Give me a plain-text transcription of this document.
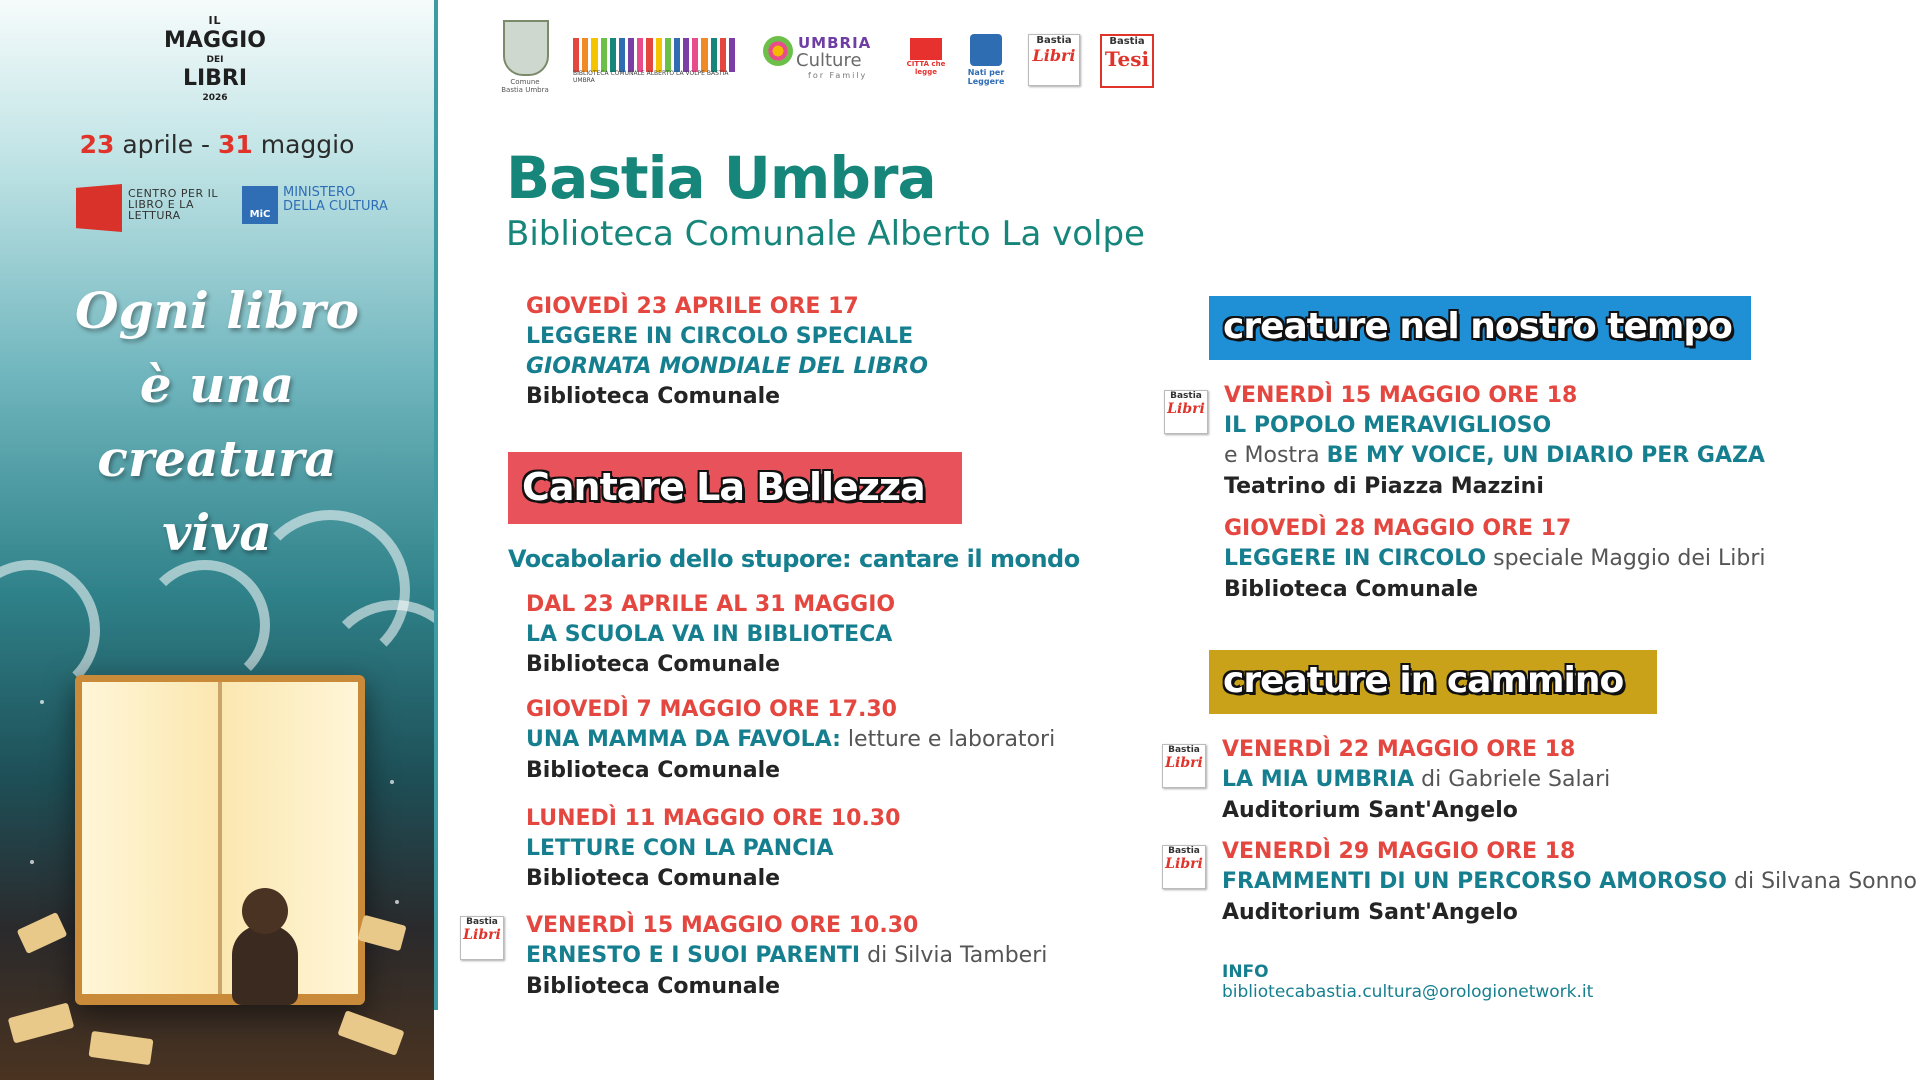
IL
MAGGIO
DEI
LIBRI
2026
23 aprile - 31 maggio
CENTRO PER IL LIBRO E LA LETTURA	MiC
MINISTERO DELLA CULTURA
Ogni libro
è una
creatura
viva
Comune Bastia Umbra
BIBLIOTECA COMUNALE ALBERTO LA VOLPE BASTIA UMBRA
UMBRIA
Culture
for Family
CITTÀ che legge	Nati per Leggere
Bastia
Libri
Bastia
Tesi
Bastia Umbra
Biblioteca Comunale Alberto La volpe
GIOVEDÌ 23 APRILE ORE 17
LEGGERE IN CIRCOLO SPECIALE
GIORNATA MONDIALE DEL LIBRO
Biblioteca Comunale
Cantare La Bellezza
Vocabolario dello stupore: cantare il mondo
DAL 23 APRILE AL 31 MAGGIO
LA SCUOLA VA IN BIBLIOTECA
Biblioteca Comunale
GIOVEDÌ 7 MAGGIO ORE 17.30
UNA MAMMA DA FAVOLA: letture e laboratori
Biblioteca Comunale
LUNEDÌ 11 MAGGIO ORE 10.30
LETTURE CON LA PANCIA
Biblioteca Comunale
Bastia
Libri VENERDÌ 15 MAGGIO ORE 10.30
ERNESTO E I SUOI PARENTI di Silvia Tamberi
Biblioteca Comunale
creature nel nostro tempo
Bastia
Libri
VENERDÌ 15 MAGGIO ORE 18
IL POPOLO MERAVIGLIOSO
e Mostra BE MY VOICE, UN DIARIO PER GAZA
Teatrino di Piazza Mazzini
GIOVEDÌ 28 MAGGIO ORE 17
LEGGERE IN CIRCOLO speciale Maggio dei Libri
Biblioteca Comunale
creature in cammino
Bastia
Libri
VENERDÌ 22 MAGGIO ORE 18
LA MIA UMBRIA di Gabriele Salari
Auditorium Sant'Angelo
Bastia
Libri VENERDÌ 29 MAGGIO ORE 18
FRAMMENTI DI UN PERCORSO AMOROSO di Silvana Sonno
Auditorium Sant'Angelo
INFO
bibliotecabastia.cultura@orologionetwork.it
